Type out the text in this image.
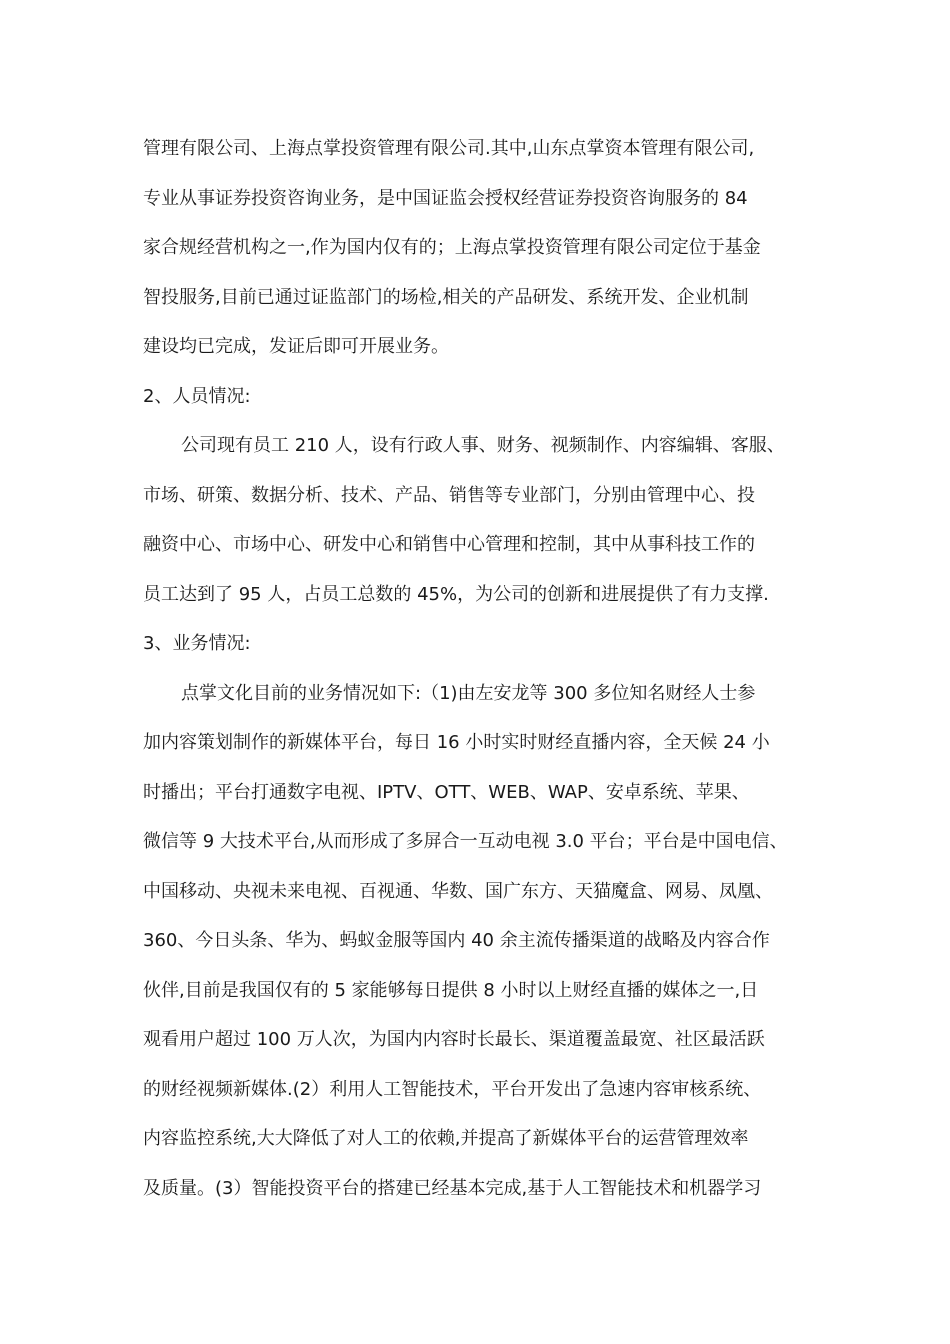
管理有限公司、上海点掌投资管理有限公司.其中,山东点掌资本管理有限公司,
专业从事证券投资咨询业务，是中国证监会授权经营证券投资咨询服务的 84
家合规经营机构之一,作为国内仅有的；上海点掌投资管理有限公司定位于基金
智投服务,目前已通过证监部门的场检,相关的产品研发、系统开发、企业机制
建设均已完成，发证后即可开展业务。
2、人员情况:
公司现有员工 210 人，设有行政人事、财务、视频制作、内容编辑、客服、
市场、研策、数据分析、技术、产品、销售等专业部门，分别由管理中心、投
融资中心、市场中心、研发中心和销售中心管理和控制，其中从事科技工作的
员工达到了 95 人，占员工总数的 45%，为公司的创新和进展提供了有力支撑.
3、业务情况:
点掌文化目前的业务情况如下:（1)由左安龙等 300 多位知名财经人士参
加内容策划制作的新媒体平台，每日 16 小时实时财经直播内容，全天候 24 小
时播出；平台打通数字电视、IPTV、OTT、WEB、WAP、安卓系统、苹果、
微信等 9 大技术平台,从而形成了多屏合一互动电视 3.0 平台；平台是中国电信、
中国移动、央视未来电视、百视通、华数、国广东方、天猫魔盒、网易、凤凰、
360、今日头条、华为、蚂蚁金服等国内 40 余主流传播渠道的战略及内容合作
伙伴,目前是我国仅有的 5 家能够每日提供 8 小时以上财经直播的媒体之一,日
观看用户超过 100 万人次，为国内内容时长最长、渠道覆盖最宽、社区最活跃
的财经视频新媒体.(2）利用人工智能技术，平台开发出了急速内容审核系统、
内容监控系统,大大降低了对人工的依赖,并提高了新媒体平台的运营管理效率
及质量。(3）智能投资平台的搭建已经基本完成,基于人工智能技术和机器学习
